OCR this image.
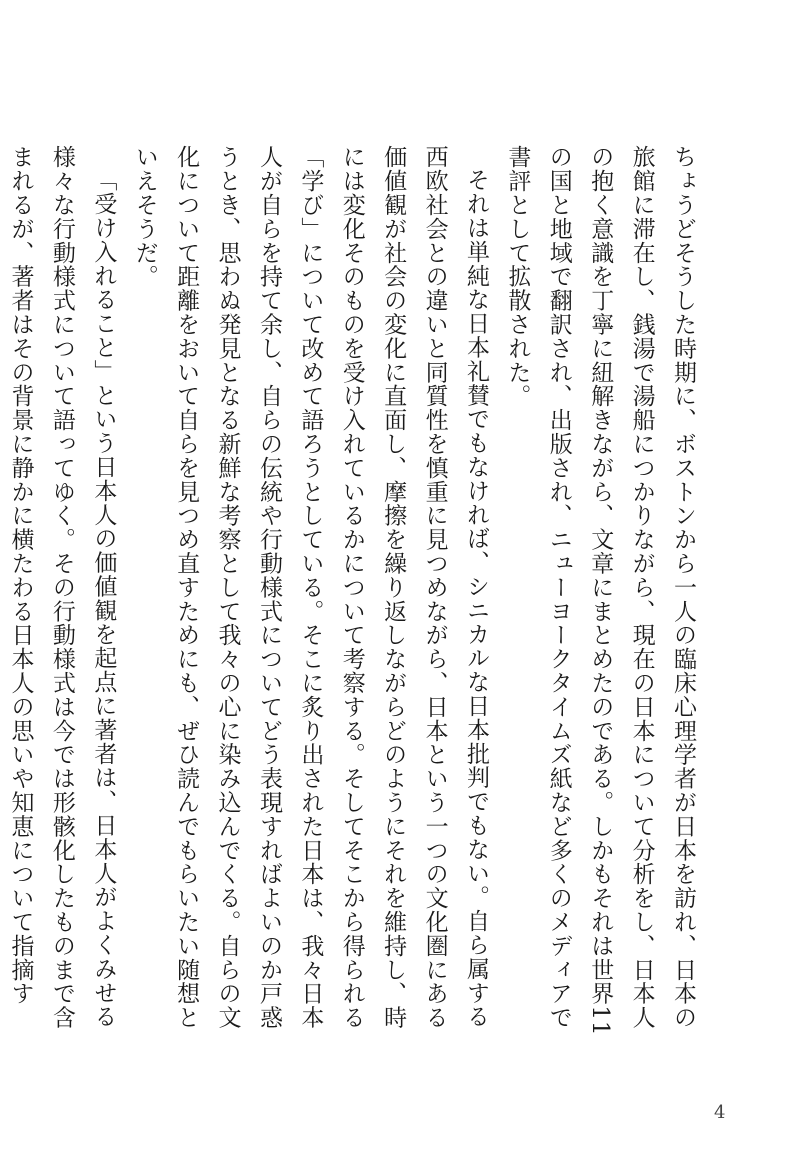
ちょうどそうした時期に、ボストンから一人の臨床心理学者が日本を訪れ、日本の旅館に滞在し、銭湯で湯船につかりながら、現在の日本について分析をし、日本人の抱く意識を丁寧に紐解きながら、文章にまとめたのである。しかもそれは世界11の国と地域で翻訳され、出版され、ニューヨークタイムズ紙など多くのメディアで書評として拡散された。

それは単純な日本礼賛でもなければ、シニカルな日本批判でもない。自ら属する西欧社会との違いと同質性を慎重に見つめながら、日本という一つの文化圏にある価値観が社会の変化に直面し、摩擦を繰り返しながらどのようにそれを維持し、時には変化そのものを受け入れているかについて考察する。そしてそこから得られる「学び」について改めて語ろうとしている。そこに炙り出された日本は、我々日本人が自らを持て余し、自らの伝統や行動様式についてどう表現すればよいのか戸惑うとき、思わぬ発見となる新鮮な考察として我々の心に染み込んでくる。自らの文化について距離をおいて自らを見つめ直すためにも、ぜひ読んでもらいたい随想といえそうだ。

「受け入れること」という日本人の価値観を起点に著者は、日本人がよくみせる様々な行動様式について語ってゆく。その行動様式は今では形骸化したものまで含まれるが、著者はその背景に静かに横たわる日本人の思いや知恵について指摘す

4
